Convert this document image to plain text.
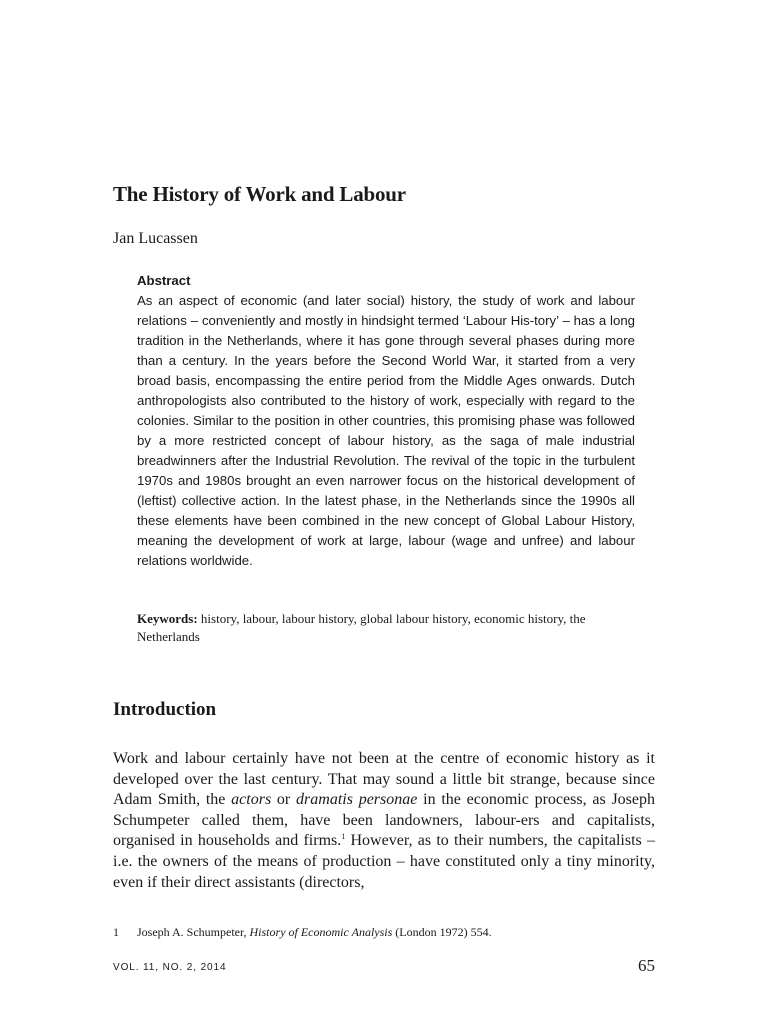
The History of Work and Labour
Jan Lucassen
Abstract
As an aspect of economic (and later social) history, the study of work and labour relations – conveniently and mostly in hindsight termed ‘Labour His-tory’ – has a long tradition in the Netherlands, where it has gone through several phases during more than a century. In the years before the Second World War, it started from a very broad basis, encompassing the entire period from the Middle Ages onwards. Dutch anthropologists also contributed to the history of work, especially with regard to the colonies. Similar to the position in other countries, this promising phase was followed by a more restricted concept of labour history, as the saga of male industrial breadwinners after the Industrial Revolution. The revival of the topic in the turbulent 1970s and 1980s brought an even narrower focus on the historical development of (leftist) collective action. In the latest phase, in the Netherlands since the 1990s all these elements have been combined in the new concept of Global Labour History, meaning the development of work at large, labour (wage and unfree) and labour relations worldwide.
Keywords: history, labour, labour history, global labour history, economic history, the Netherlands
Introduction

Work and labour certainly have not been at the centre of economic history as it developed over the last century. That may sound a little bit strange, because since Adam Smith, the actors or dramatis personae in the economic process, as Joseph Schumpeter called them, have been landowners, labour-ers and capitalists, organised in households and firms.$^1$ However, as to their numbers, the capitalists – i.e. the owners of the means of production – have constituted only a tiny minority, even if their direct assistants (directors,

1 Joseph A. Schumpeter, History of Economic Analysis (London 1972) 554.
VOL. 11, NO. 2, 2014	65
